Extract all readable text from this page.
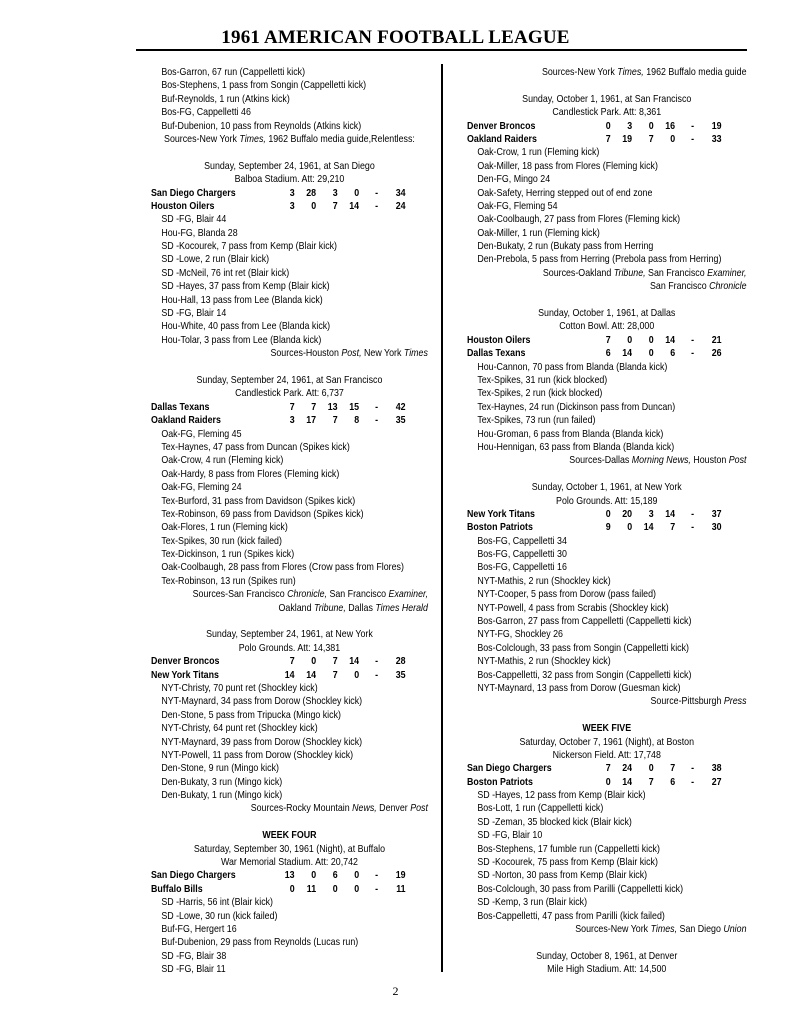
1961 AMERICAN FOOTBALL LEAGUE
Bos-Garron, 67 run (Cappelletti kick)
Bos-Stephens, 1 pass from Songin (Cappelletti kick)
Buf-Reynolds, 1 run (Atkins kick)
Bos-FG, Cappelletti 46
Buf-Dubenion, 10 pass from Reynolds (Atkins kick)
Sources-New York Times, 1962 Buffalo media guide,Relentless:
Sunday, September 24, 1961, at San Diego
Balboa Stadium. Att: 29,210
San Diego Chargers	3	28	3	0	-	34
Houston Oilers	3	0	7	14	-	24
SD -FG, Blair 44
Hou-FG, Blanda 28
SD -Kocourek, 7 pass from Kemp (Blair kick)
SD -Lowe, 2 run (Blair kick)
SD -McNeil, 76 int ret (Blair kick)
SD -Hayes, 37 pass from Kemp (Blair kick)
Hou-Hall, 13 pass from Lee (Blanda kick)
SD -FG, Blair 14
Hou-White, 40 pass from Lee (Blanda kick)
Hou-Tolar, 3 pass from Lee (Blanda kick)
Sources-Houston Post, New York Times
Sunday, September 24, 1961, at San Francisco
Candlestick Park. Att: 6,737
Dallas Texans	7	7	13	15	-	42
Oakland Raiders	3	17	7	8	-	35
Oak-FG, Fleming 45
Tex-Haynes, 47 pass from Duncan (Spikes kick)
Oak-Crow, 4 run (Fleming kick)
Oak-Hardy, 8 pass from Flores (Fleming kick)
Oak-FG, Fleming 24
Tex-Burford, 31 pass from Davidson (Spikes kick)
Tex-Robinson, 69 pass from Davidson (Spikes kick)
Oak-Flores, 1 run (Fleming kick)
Tex-Spikes, 30 run (kick failed)
Tex-Dickinson, 1 run (Spikes kick)
Oak-Coolbaugh, 28 pass from Flores (Crow pass from Flores)
Tex-Robinson, 13 run (Spikes run)
Sources-San Francisco Chronicle, San Francisco Examiner,
Oakland Tribune, Dallas Times Herald
Sunday, September 24, 1961, at New York
Polo Grounds. Att: 14,381
Denver Broncos	7	0	7	14	-	28
New York Titans	14	14	7	0	-	35
NYT-Christy, 70 punt ret (Shockley kick)
NYT-Maynard, 34 pass from Dorow (Shockley kick)
Den-Stone, 5 pass from Tripucka (Mingo kick)
NYT-Christy, 64 punt ret (Shockley kick)
NYT-Maynard, 39 pass from Dorow (Shockley kick)
NYT-Powell, 11 pass from Dorow (Shockley kick)
Den-Stone, 9 run (Mingo kick)
Den-Bukaty, 3 run (Mingo kick)
Den-Bukaty, 1 run (Mingo kick)
Sources-Rocky Mountain News, Denver Post
WEEK FOUR
Saturday, September 30, 1961 (Night), at Buffalo
War Memorial Stadium. Att: 20,742
San Diego Chargers	13	0	6	0	-	19
Buffalo Bills	0	11	0	0	-	11
SD -Harris, 56 int (Blair kick)
SD -Lowe, 30 run (kick failed)
Buf-FG, Hergert 16
Buf-Dubenion, 29 pass from Reynolds (Lucas run)
SD -FG, Blair 38
SD -FG, Blair 11
Sources-New York Times, 1962 Buffalo media guide
Sunday, October 1, 1961, at San Francisco
Candlestick Park. Att: 8,361
Denver Broncos	0	3	0	16	-	19
Oakland Raiders	7	19	7	0	-	33
Oak-Crow, 1 run (Fleming kick)
Oak-Miller, 18 pass from Flores (Fleming kick)
Den-FG, Mingo 24
Oak-Safety, Herring stepped out of end zone
Oak-FG, Fleming 54
Oak-Coolbaugh, 27 pass from Flores (Fleming kick)
Oak-Miller, 1 run (Fleming kick)
Den-Bukaty, 2 run (Bukaty pass from Herring
Den-Prebola, 5 pass from Herring (Prebola pass from Herring)
Sources-Oakland Tribune, San Francisco Examiner,
San Francisco Chronicle
Sunday, October 1, 1961, at Dallas
Cotton Bowl. Att: 28,000
Houston Oilers	7	0	0	14	-	21
Dallas Texans	6	14	0	6	-	26
Hou-Cannon, 70 pass from Blanda (Blanda kick)
Tex-Spikes, 31 run (kick blocked)
Tex-Spikes, 2 run (kick blocked)
Tex-Haynes, 24 run (Dickinson pass from Duncan)
Tex-Spikes, 73 run (run failed)
Hou-Groman, 6 pass from Blanda (Blanda kick)
Hou-Hennigan, 63 pass from Blanda (Blanda kick)
Sources-Dallas Morning News, Houston Post
Sunday, October 1, 1961, at New York
Polo Grounds. Att: 15,189
New York Titans	0	20	3	14	-	37
Boston Patriots	9	0	14	7	-	30
Bos-FG, Cappelletti 34
Bos-FG, Cappelletti 30
Bos-FG, Cappelletti 16
NYT-Mathis, 2 run (Shockley kick)
NYT-Cooper, 5 pass from Dorow (pass failed)
NYT-Powell, 4 pass from Scrabis (Shockley kick)
Bos-Garron, 27 pass from Cappelletti (Cappelletti kick)
NYT-FG, Shockley 26
Bos-Colclough, 33 pass from Songin (Cappelletti kick)
NYT-Mathis, 2 run (Shockley kick)
Bos-Cappelletti, 32 pass from Songin (Cappelletti kick)
NYT-Maynard, 13 pass from Dorow (Guesman kick)
Source-Pittsburgh Press
WEEK FIVE
Saturday, October 7, 1961 (Night), at Boston
Nickerson Field. Att: 17,748
San Diego Chargers	7	24	0	7	-	38
Boston Patriots	0	14	7	6	-	27
SD -Hayes, 12 pass from Kemp (Blair kick)
Bos-Lott, 1 run (Cappelletti kick)
SD -Zeman, 35 blocked kick (Blair kick)
SD -FG, Blair 10
Bos-Stephens, 17 fumble run (Cappelletti kick)
SD -Kocourek, 75 pass from Kemp (Blair kick)
SD -Norton, 30 pass from Kemp (Blair kick)
Bos-Colclough, 30 pass from Parilli (Cappelletti kick)
SD -Kemp, 3 run (Blair kick)
Bos-Cappelletti, 47 pass from Parilli (kick failed)
Sources-New York Times, San Diego Union
Sunday, October 8, 1961, at Denver
Mile High Stadium. Att: 14,500
2
